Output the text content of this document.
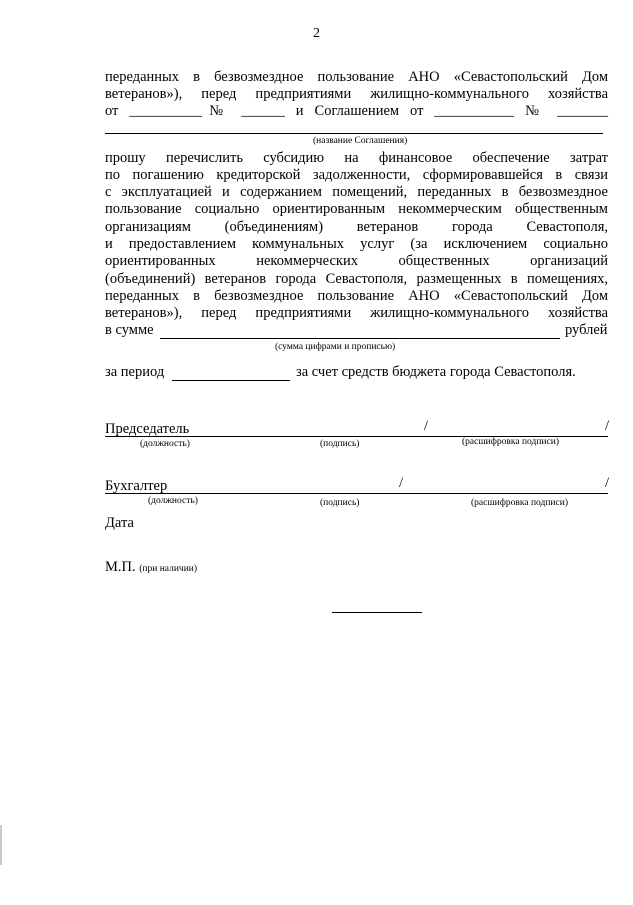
2
переданных в безвозмездное пользование АНО «Севастопольский Дом
ветеранов»), перед предприятиями жилищно-коммунального хозяйства
от __________№ ______ и Соглашением от ___________ № _______
(название Соглашения)
прошу перечислить субсидию на финансовое обеспечение затрат
по погашению кредиторской задолженности, сформировавшейся в связи
с эксплуатацией и содержанием помещений, переданных в безвозмездное
пользование социально ориентированным некоммерческим общественным
организациям (объединениям) ветеранов города Севастополя,
и предоставлением коммунальных услуг (за исключением социально
ориентированных некоммерческих общественных организаций
(объединений) ветеранов города Севастополя, размещенных в помещениях,
переданных в безвозмездное пользование АНО «Севастопольский Дом
ветеранов»), перед предприятиями жилищно-коммунального хозяйства
в сумме	рублей
(сумма цифрами и прописью)
за период	за счет средств бюджета города Севастополя.
Председатель	/	/
(должность)	(подпись)	(расшифровка подписи)
Бухгалтер	/	/
(должность)	(подпись)	(расшифровка подписи)
Дата
М.П. (при наличии)
